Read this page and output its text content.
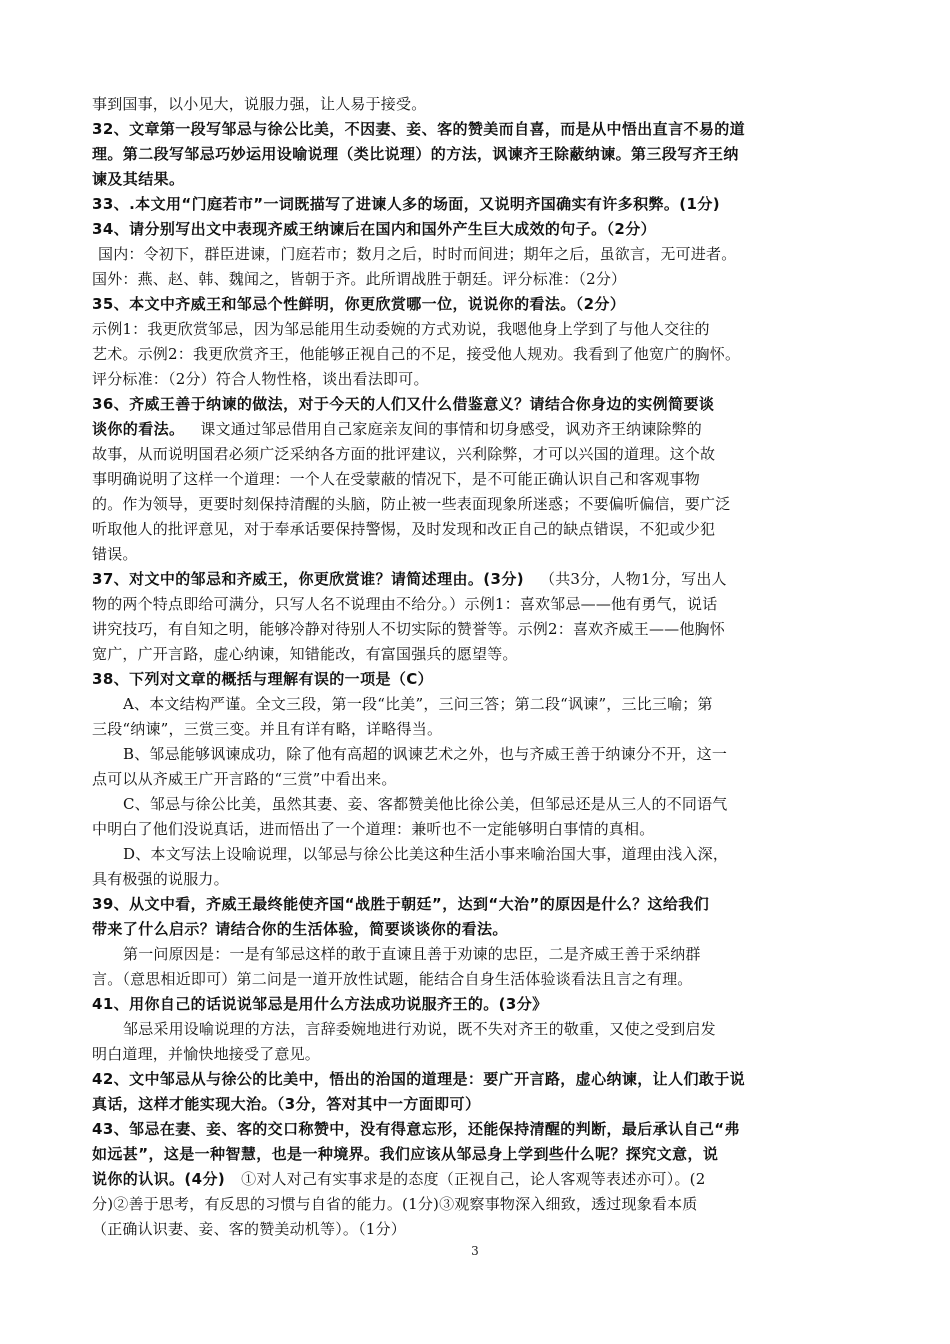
事到国事，以小见大，说服力强，让人易于接受。
32、文章第一段写邹忌与徐公比美，不因妻、妾、客的赞美而自喜，而是从中悟出直言不易的道
理。第二段写邹忌巧妙运用设喻说理（类比说理）的方法，讽谏齐王除蔽纳谏。第三段写齐王纳
谏及其结果。
33、.本文用“门庭若市”一词既描写了进谏人多的场面，又说明齐国确实有许多积弊。(1分)
34、请分别写出文中表现齐威王纳谏后在国内和国外产生巨大成效的句子。（2分）
国内：令初下，群臣进谏，门庭若市；数月之后，时时而间进；期年之后，虽欲言，无可进者。
国外：燕、赵、韩、魏闻之，皆朝于齐。此所谓战胜于朝廷。评分标准：（2分）
35、本文中齐威王和邹忌个性鲜明，你更欣赏哪一位，说说你的看法。（2分）
示例1：我更欣赏邹忌，因为邹忌能用生动委婉的方式劝说，我嗯他身上学到了与他人交往的
艺术。示例2：我更欣赏齐王，他能够正视自己的不足，接受他人规劝。我看到了他宽广的胸怀。
评分标准：（2分）符合人物性格，谈出看法即可。
36、齐威王善于纳谏的做法，对于今天的人们又什么借鉴意义？请结合你身边的实例简要谈
谈你的看法。 课文通过邹忌借用自己家庭亲友间的事情和切身感受，讽劝齐王纳谏除弊的
故事，从而说明国君必须广泛采纳各方面的批评建议，兴利除弊，才可以兴国的道理。这个故
事明确说明了这样一个道理：一个人在受蒙蔽的情况下，是不可能正确认识自己和客观事物
的。作为领导，更要时刻保持清醒的头脑，防止被一些表面现象所迷惑；不要偏听偏信，要广泛
听取他人的批评意见，对于奉承话要保持警惕，及时发现和改正自己的缺点错误，不犯或少犯
错误。
37、对文中的邹忌和齐威王，你更欣赏谁？请简述理由。(3分) （共3分，人物1分，写出人
物的两个特点即给可满分，只写人名不说理由不给分。）示例1：喜欢邹忌——他有勇气，说话
讲究技巧，有自知之明，能够冷静对待别人不切实际的赞誉等。示例2：喜欢齐威王——他胸怀
宽广，广开言路，虚心纳谏，知错能改，有富国强兵的愿望等。
38、下列对文章的概括与理解有误的一项是（C）
A、本文结构严谨。全文三段，第一段“比美”，三问三答；第二段“讽谏”，三比三喻；第
三段“纳谏”，三赏三变。并且有详有略，详略得当。
B、邹忌能够讽谏成功，除了他有高超的讽谏艺术之外，也与齐威王善于纳谏分不开，这一
点可以从齐威王广开言路的“三赏”中看出来。
C、邹忌与徐公比美，虽然其妻、妾、客都赞美他比徐公美，但邹忌还是从三人的不同语气
中明白了他们没说真话，进而悟出了一个道理：兼听也不一定能够明白事情的真相。
D、本文写法上设喻说理，以邹忌与徐公比美这种生活小事来喻治国大事，道理由浅入深，
具有极强的说服力。
39、从文中看，齐威王最终能使齐国“战胜于朝廷”，达到“大治”的原因是什么？这给我们
带来了什么启示？请结合你的生活体验，简要谈谈你的看法。
第一问原因是：一是有邹忌这样的敢于直谏且善于劝谏的忠臣，二是齐威王善于采纳群
言。（意思相近即可）第二问是一道开放性试题，能结合自身生活体验谈看法且言之有理。
41、用你自己的话说说邹忌是用什么方法成功说服齐王的。(3分》
邹忌采用设喻说理的方法，言辞委婉地进行劝说，既不失对齐王的敬重，又使之受到启发
明白道理，并愉快地接受了意见。
42、文中邹忌从与徐公的比美中，悟出的治国的道理是：要广开言路，虚心纳谏，让人们敢于说
真话，这样才能实现大治。（3分，答对其中一方面即可）
43、邹忌在妻、妾、客的交口称赞中，没有得意忘形，还能保持清醒的判断，最后承认自己“弗
如远甚”，这是一种智慧，也是一种境界。我们应该从邹忌身上学到些什么呢？探究文意，说
说你的认识。(4分) ①对人对己有实事求是的态度（正视自己，论人客观等表述亦可）。(2
分)②善于思考，有反思的习惯与自省的能力。(1分)③观察事物深入细致，透过现象看本质
（正确认识妻、妾、客的赞美动机等）。（1分）
3
